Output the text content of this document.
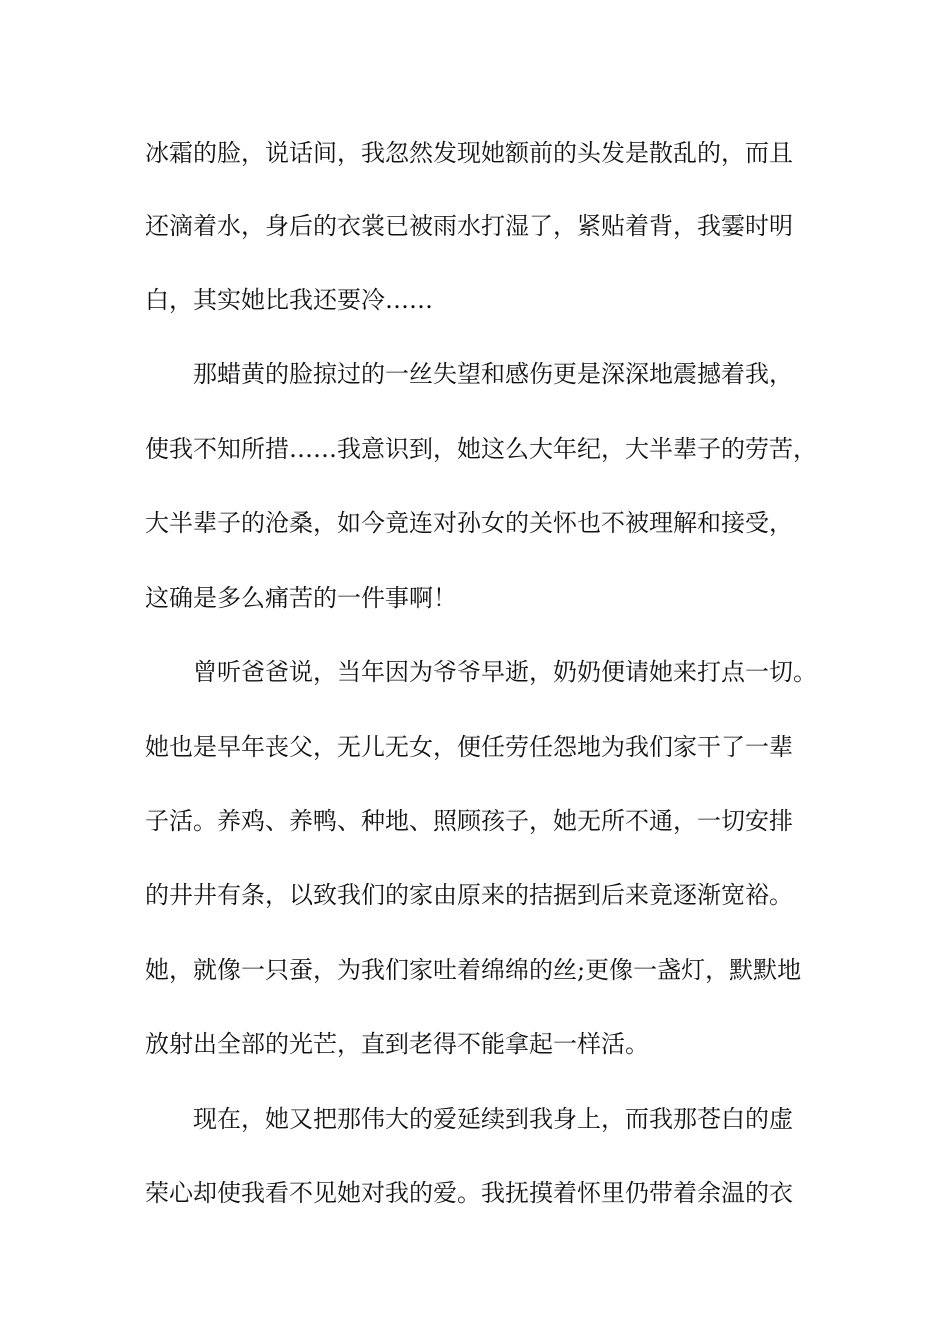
冰霜的脸，说话间，我忽然发现她额前的头发是散乱的，而且
还滴着水，身后的衣裳已被雨水打湿了，紧贴着背，我霎时明
白，其实她比我还要冷……
那蜡黄的脸掠过的一丝失望和感伤更是深深地震撼着我，
使我不知所措……我意识到，她这么大年纪，大半辈子的劳苦，
大半辈子的沧桑，如今竟连对孙女的关怀也不被理解和接受，
这确是多么痛苦的一件事啊！
曾听爸爸说，当年因为爷爷早逝，奶奶便请她来打点一切。
她也是早年丧父，无儿无女，便任劳任怨地为我们家干了一辈
子活。养鸡、养鸭、种地、照顾孩子，她无所不通，一切安排
的井井有条，以致我们的家由原来的拮据到后来竟逐渐宽裕。
她，就像一只蚕，为我们家吐着绵绵的丝;更像一盏灯，默默地
放射出全部的光芒，直到老得不能拿起一样活。
现在，她又把那伟大的爱延续到我身上，而我那苍白的虚
荣心却使我看不见她对我的爱。我抚摸着怀里仍带着余温的衣
